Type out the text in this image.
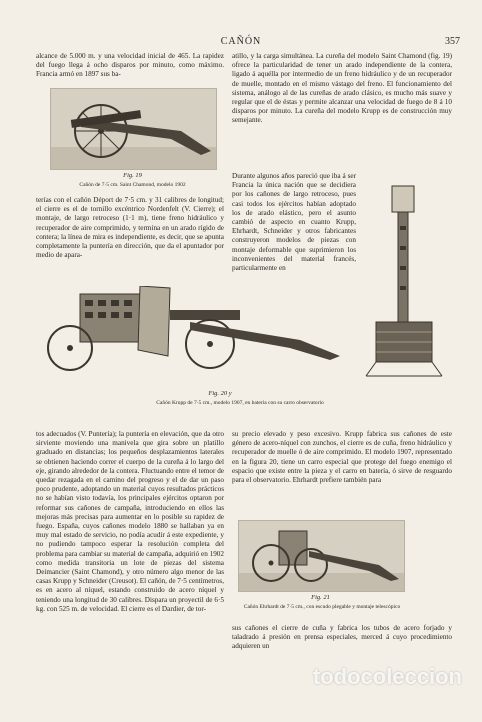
CAÑÓN	357

alcance de 5.000 m. y una velocidad inicial de 465. La rapidez del fuego llega á ocho disparos por minuto, como máximo. Francia armó en 1897 sus ba-

Fig. 19
Cañón de 7·5 cm. Saint Chamond, modelo 1902

terías con el cañón Déport de 7·5 cm. y 31 calibres de longitud; el cierre es el de tornillo excéntrico Nordenfelt (V. Cierre); el montaje, de largo retroceso (1·1 m), tiene freno hidráulico y recuperador de aire comprimido, y termina en un arado rígido de contera; la línea de mira es independiente, es decir, que se apunta completamente la puntería en dirección, que da el apuntador por medio de apara-

atillo, y la carga simultánea. La cureña del modelo Saint Chamond (fig. 19) ofrece la particularidad de tener un arado independiente de la contera, ligado á aquélla por intermedio de un freno hidráulico y de un recuperador de muelle, montado en el mismo vástago del freno. El funcionamiento del sistema, análogo al de las cureñas de arado clásico, es mucho más suave y regular que el de éstas y permite alcanzar una velocidad de fuego de 8 á 10 disparos por minuto. La cureña del modelo Krupp es de construcción muy semejante.

Durante algunos años pareció que iba á ser Francia la única nación que se decidiera por los cañones de largo retroceso, pues casi todos los ejércitos habían adoptado los de arado elástico, pero el asunto cambió de aspecto en cuanto Krupp, Ehrhardt, Schneider y otros fabricantes construyeron modelos de piezas con montaje deformable que suprimieron los inconvenientes del material francés, particularmente en

Fig. 20 y
Cañón Krupp de 7·5 cm., modelo 1907, en batería con su carro observatorio

tos adecuados (V. Puntería); la puntería en elevación, que da otro sirviente moviendo una manivela que gira sobre un platillo graduado en distancias; los pequeños desplazamientos laterales se obtienen haciendo correr el cuerpo de la cureña á lo largo del eje, girando alrededor de la contera. Fluctuando entre el temor de quedar rezagada en el camino del progreso y el de dar un paso poco prudente, adoptando un material cuyos resultados prácticos no se habían visto todavía, los principales ejércitos optaron por reformar sus cañones de campaña, introduciendo en ellos las mejoras más precisas para aumentar en lo posible su rapidez de fuego. España, cuyos cañones modelo 1880 se hallaban ya en muy mal estado de servicio, no podía acudir á este expediente, y no pudiendo tampoco esperar la resolución completa del problema para cambiar su material de campaña, adquirió en 1902 como medida transitoria un lote de piezas del sistema Deimancier (Saint Chamond), y otro número algo menor de las casas Krupp y Schneider (Creusot). El cañón, de 7·5 centímetros, es en acero al níquel, estando construido de acero níquel y teniendo una longitud de 30 calibres. Dispara un proyectil de 6·5 kg. con 525 m. de velocidad. El cierre es el Dardier, de tor-

su precio elevado y peso excesivo. Krupp fabrica sus cañones de este género de acero-níquel con zunchos, el cierre es de cuña, freno hidráulico y recuperador de muelle ó de aire comprimido. El modelo 1907, representado en la figura 20, tiene un carro especial que protege del fuego enemigo el espacio que existe entre la pieza y el carro en batería, ó sirve de resguardo para el observatorio. Ehrhardt prefiere también para

Fig. 21
Cañón Ehrhardt de 7·5 cm., con escudo plegable y montaje telescópico

sus cañones el cierre de cuña y fabrica los tubos de acero forjado y taladrado á presión en prensa especiales, merced á cuyo procedimiento adquieren un

todocoleccion
